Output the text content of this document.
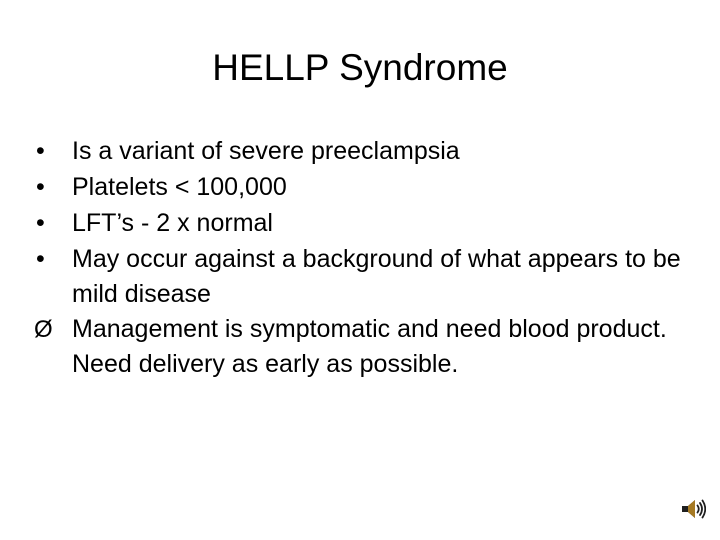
HELLP Syndrome
•	Is a variant of severe preeclampsia
•	Platelets < 100,000
•	LFT’s - 2 x normal
•	May occur against a background of what appears to be mild disease
Ø Management is symptomatic and need blood product. Need delivery as early as possible.
